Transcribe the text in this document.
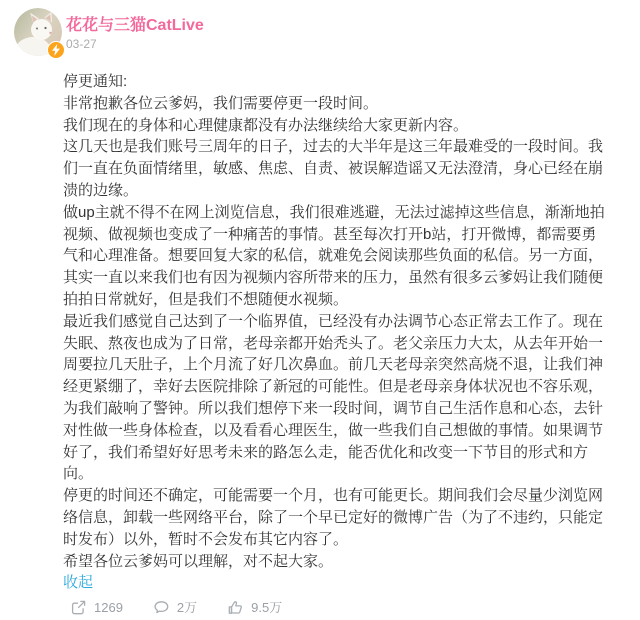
花花与三猫CatLive
03-27

停更通知:

非常抱歉各位云爹妈，我们需要停更一段时间。

我们现在的身体和心理健康都没有办法继续给大家更新内容。

这几天也是我们账号三周年的日子，过去的大半年是这三年最难受的一段时间。我们一直在负面情绪里，敏感、焦虑、自责、被误解造谣又无法澄清，身心已经在崩溃的边缘。

做up主就不得不在网上浏览信息，我们很难逃避，无法过滤掉这些信息，渐渐地拍视频、做视频也变成了一种痛苦的事情。甚至每次打开b站，打开微博，都需要勇气和心理准备。想要回复大家的私信，就难免会阅读那些负面的私信。另一方面，其实一直以来我们也有因为视频内容所带来的压力，虽然有很多云爹妈让我们随便拍拍日常就好，但是我们不想随便水视频。

最近我们感觉自己达到了一个临界值，已经没有办法调节心态正常去工作了。现在失眠、熬夜也成为了日常，老母亲都开始秃头了。老父亲压力大太，从去年开始一周要拉几天肚子，上个月流了好几次鼻血。前几天老母亲突然高烧不退，让我们神经更紧绷了，幸好去医院排除了新冠的可能性。但是老母亲身体状况也不容乐观，为我们敲响了警钟。所以我们想停下来一段时间，调节自己生活作息和心态，去针对性做一些身体检查，以及看看心理医生，做一些我们自己想做的事情。如果调节好了，我们希望好好思考未来的路怎么走，能否优化和改变一下节目的形式和方向。

停更的时间还不确定，可能需要一个月，也有可能更长。期间我们会尽量少浏览网络信息，卸载一些网络平台，除了一个早已定好的微博广告（为了不违约，只能定时发布）以外，暂时不会发布其它内容了。

希望各位云爹妈可以理解，对不起大家。

收起
1269	2万	9.5万
